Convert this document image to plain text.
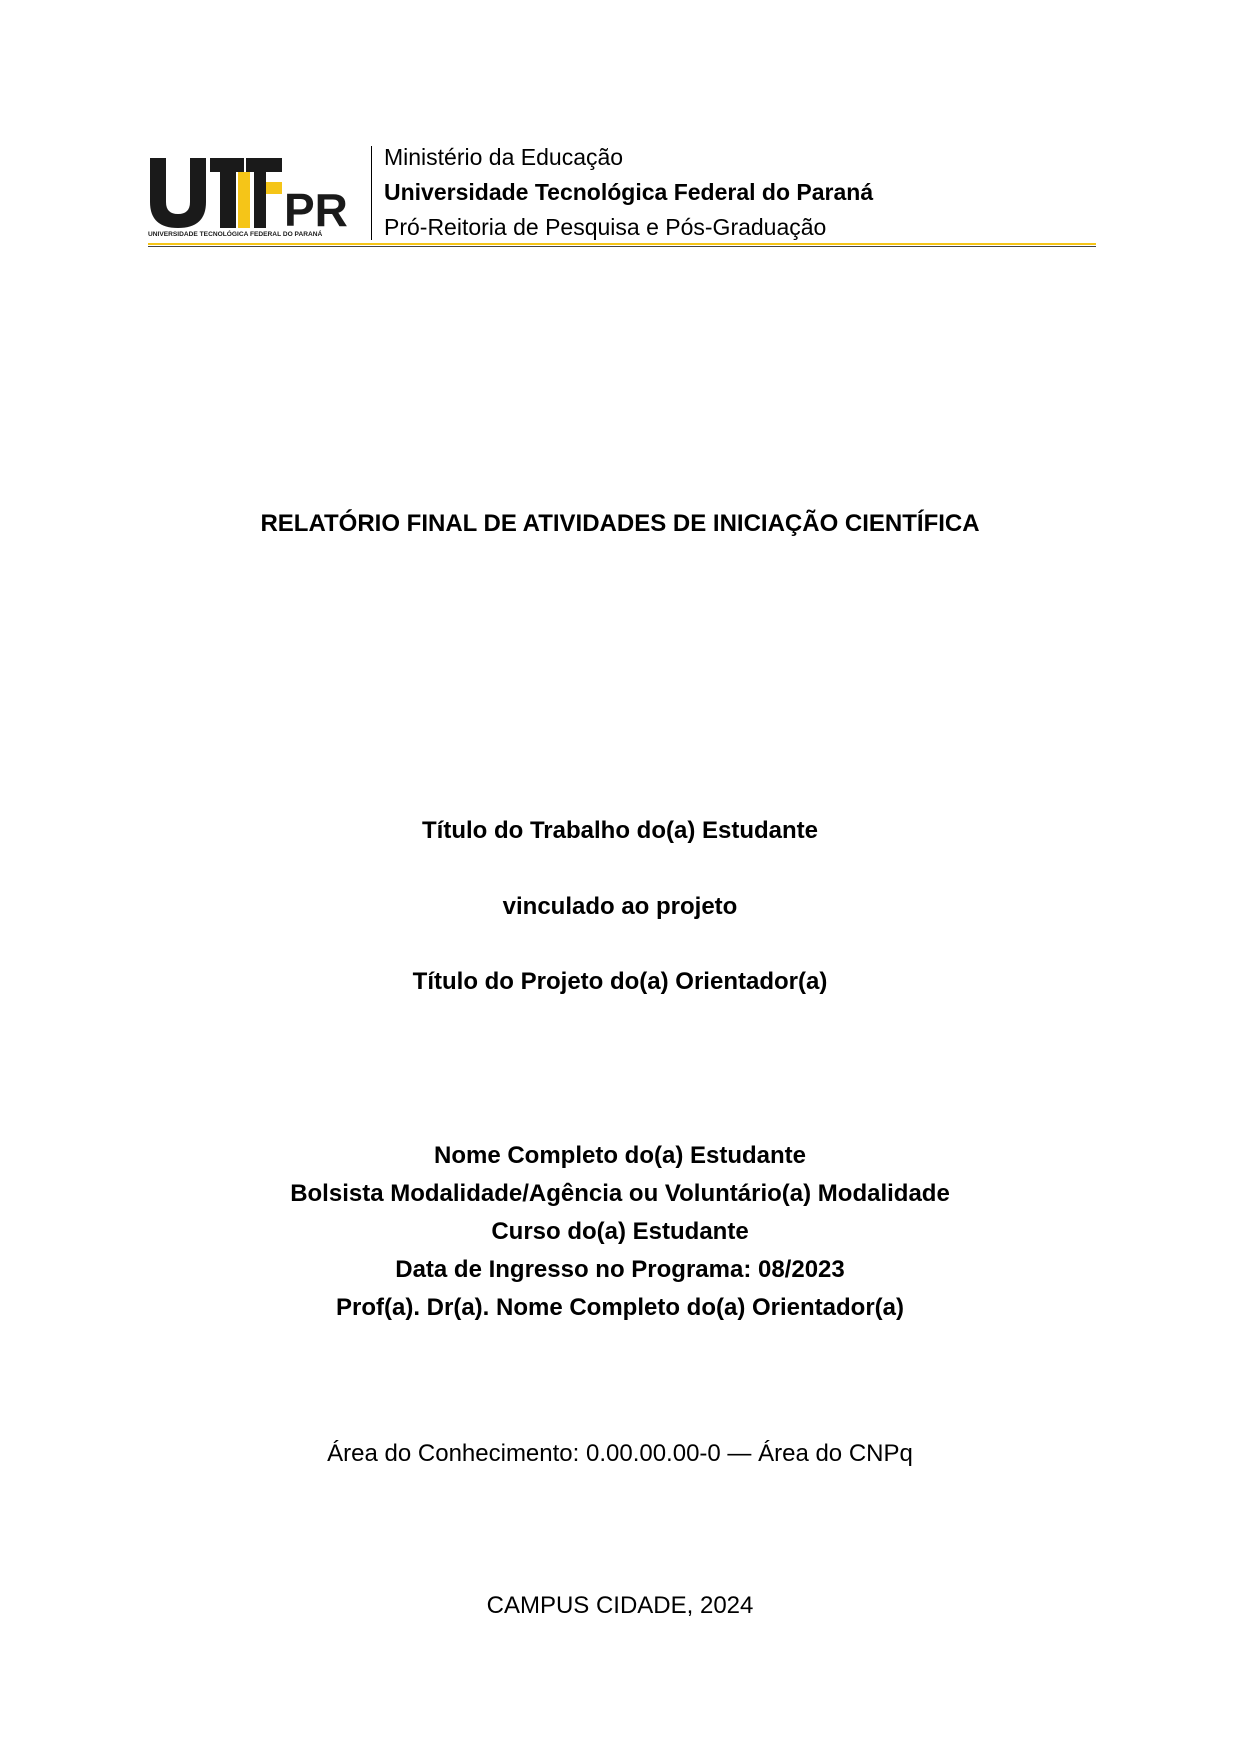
PR
UNIVERSIDADE TECNOLÓGICA FEDERAL DO PARANÁ
Ministério da Educação
Universidade Tecnológica Federal do Paraná
Pró-Reitoria de Pesquisa e Pós-Graduação
RELATÓRIO FINAL DE ATIVIDADES DE INICIAÇÃO CIENTÍFICA
Título do Trabalho do(a) Estudante
vinculado ao projeto
Título do Projeto do(a) Orientador(a)
Nome Completo do(a) Estudante
Bolsista Modalidade/Agência ou Voluntário(a) Modalidade
Curso do(a) Estudante
Data de Ingresso no Programa: 08/2023
Prof(a). Dr(a). Nome Completo do(a) Orientador(a)
Área do Conhecimento: 0.00.00.00-0 — Área do CNPq
CAMPUS CIDADE, 2024
